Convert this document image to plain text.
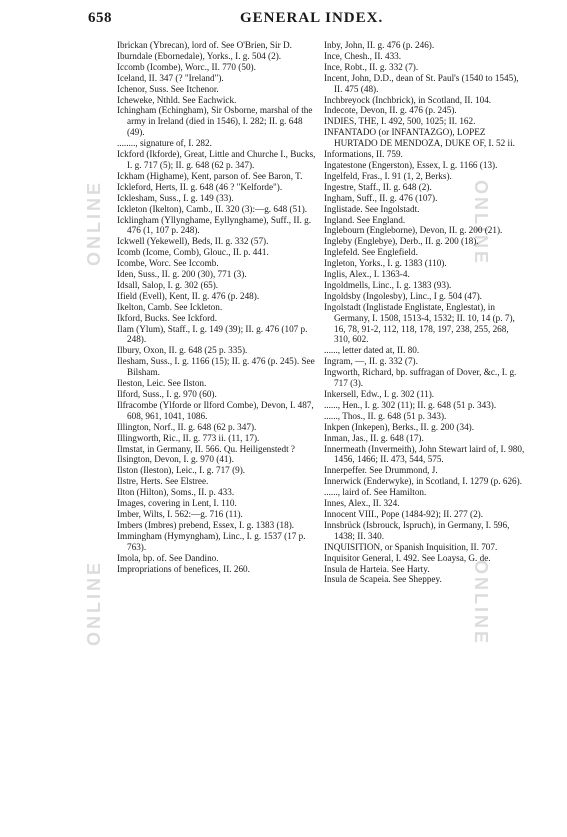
658	GENERAL INDEX.
ONLINE
ONLINE
ONLINE
ONLINE

Ibrickan (Ybrecan), lord of. See O'Brien, Sir D.

Iburndale (Ebornedale), Yorks., I. g. 504 (2).

Iccomb (Icombe), Worc., II. 770 (50).

Iceland, II. 347 (? "Ireland").

Ichenor, Suss. See Itchenor.

Icheweke, Nthld. See Eachwick.

Ichingham (Echingham), Sir Osborne, marshal of the army in Ireland (died in 1546), I. 282; II. g. 648 (49).

........, signature of, I. 282.

Ickford (Ikforde), Great, Little and Churche I., Bucks, I. g. 717 (5); II. g. 648 (62 p. 347).

Ickham (Highame), Kent, parson of. See Baron, T.

Ickleford, Herts, II. g. 648 (46 ? "Kelforde").

Icklesham, Suss., I. g. 149 (33).

Ickleton (Ikelton), Camb., II. 320 (3):—g. 648 (51).

Icklingham (Yllynghame, Eyllynghame), Suff., II. g. 476 (1, 107 p. 248).

Ickwell (Yekewell), Beds, II. g. 332 (57).

Icomb (Icome, Comb), Glouc., II. p. 441.

Icombe, Worc. See Iccomb.

Iden, Suss., II. g. 200 (30), 771 (3).

Idsall, Salop, I. g. 302 (65).

Ifield (Evell), Kent, II. g. 476 (p. 248).

Ikelton, Camb. See Ickleton.

Ikford, Bucks. See Ickford.

Ilam (Ylum), Staff., I. g. 149 (39); II. g. 476 (107 p. 248).

Ilbury, Oxon, II. g. 648 (25 p. 335).

Ilesham, Suss., I. g. 1166 (15); II. g. 476 (p. 245). See Bilsham.

Ileston, Leic. See Ilston.

Ilford, Suss., I. g. 970 (60).

Ilfracombe (Ylforde or Ilford Combe), Devon, I. 487, 608, 961, 1041, 1086.

Illington, Norf., II. g. 648 (62 p. 347).

Illingworth, Ric., II. g. 773 ii. (11, 17).

Ilmstat, in Germany, II. 566. Qu. Heiligenstedt ?

Ilsington, Devon, I. g. 970 (41).

Ilston (Ileston), Leic., I. g. 717 (9).

Ilstre, Herts. See Elstree.

Ilton (Hilton), Soms., II. p. 433.

Images, covering in Lent, I. 110.

Imber, Wilts, I. 562:—g. 716 (11).

Imbers (Imbres) prebend, Essex, I. g. 1383 (18).

Immingham (Hymyngham), Linc., I. g. 1537 (17 p. 763).

Imola, bp. of. See Dandino.

Impropriations of benefices, II. 260.

Inby, John, II. g. 476 (p. 246).

Ince, Chesh., II. 433.

Ince, Robt., II. g. 332 (7).

Incent, John, D.D., dean of St. Paul's (1540 to 1545), II. 475 (48).

Inchbreyock (Inchbrick), in Scotland, II. 104.

Indecote, Devon, II. g. 476 (p. 245).

INDIES, THE, I. 492, 500, 1025; II. 162.

INFANTADO (or INFANTAZGO), LOPEZ HURTADO DE MENDOZA, DUKE OF, I. 52 ii.

Informations, II. 759.

Ingatestone (Engerston), Essex, I. g. 1166 (13).

Ingelfeld, Fras., I. 91 (1, 2, Berks).

Ingestre, Staff., II. g. 648 (2).

Ingham, Suff., II. g. 476 (107).

Inglistade. See Ingolstadt.

Ingland. See England.

Inglebourn (Engleborne), Devon, II. g. 200 (21).

Ingleby (Englebye), Derb., II. g. 200 (18).

Inglefeld. See Englefield.

Ingleton, Yorks., I. g. 1383 (110).

Inglis, Alex., I. 1363-4.

Ingoldmells, Linc., I. g. 1383 (93).

Ingoldsby (Ingolesby), Linc., I g. 504 (47).

Ingolstadt (Inglistade Englistate, Englestat), in Germany, I. 1508, 1513-4, 1532; II. 10, 14 (p. 7), 16, 78, 91-2, 112, 118, 178, 197, 238, 255, 268, 310, 602.

......, letter dated at, II. 80.

Ingram, —, II. g. 332 (7).

Ingworth, Richard, bp. suffragan of Dover, &c., I. g. 717 (3).

Inkersell, Edw., I. g. 302 (11).

......, Hen., I. g. 302 (11); II. g. 648 (51 p. 343).

......, Thos., II. g. 648 (51 p. 343).

Inkpen (Inkepen), Berks., II. g. 200 (34).

Inman, Jas., II. g. 648 (17).

Innermeath (Invermeith), John Stewart laird of, I. 980, 1456, 1466; II. 473, 544, 575.

Innerpeffer. See Drummond, J.

Innerwick (Enderwyke), in Scotland, I. 1279 (p. 626).

......, laird of. See Hamilton.

Innes, Alex., II. 324.

Innocent VIII., Pope (1484-92); II. 277 (2).

Innsbrück (Isbrouck, Ispruch), in Germany, I. 596, 1438; II. 340.

INQUISITION, or Spanish Inquisition, II. 707.

Inquisitor General, I. 492. See Loaysa, G. de.

Insula de Harteia. See Harty.

Insula de Scapeia. See Sheppey.
